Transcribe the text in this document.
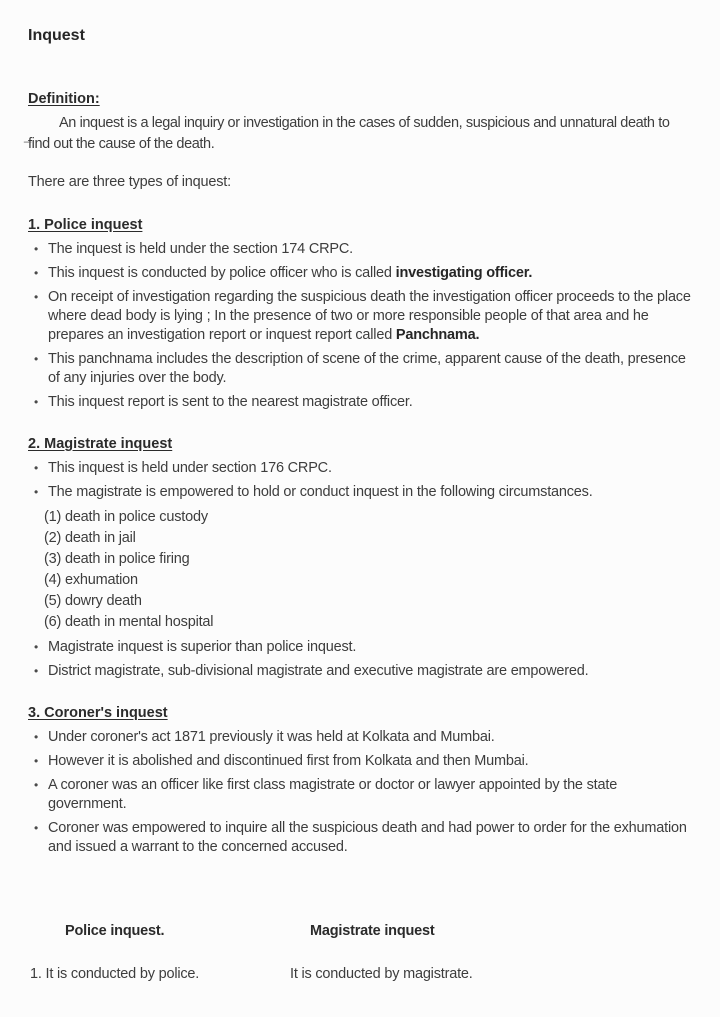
Inquest
Definition:

_
An inquest is a legal inquiry or investigation in the cases of sudden, suspicious and unnatural death to find out the cause of the death.

There are three types of inquest:

1. Police inquest
• The inquest is held under the section 174 CRPC.
• This inquest is conducted by police officer who is called investigating officer.
• On receipt of investigation regarding the suspicious death the investigation officer proceeds to the place where dead body is lying ; In the presence of two or more responsible people of that area and he prepares an investigation report or inquest report called Panchnama.
• This panchnama includes the description of scene of the crime, apparent cause of the death, presence of any injuries over the body.
• This inquest report is sent to the nearest magistrate officer.
2. Magistrate inquest
• This inquest is held under section 176 CRPC.
• The magistrate is empowered to hold or conduct inquest in the following circumstances.
(1) death in police custody
(2) death in jail
(3) death in police firing
(4) exhumation
(5) dowry death
(6) death in mental hospital
• Magistrate inquest is superior than police inquest.
• District magistrate, sub-divisional magistrate and executive magistrate are empowered.
3. Coroner's inquest
• Under coroner's act 1871 previously it was held at Kolkata and Mumbai.
• However it is abolished and discontinued first from Kolkata and then Mumbai.
• A coroner was an officer like first class magistrate or doctor or lawyer appointed by the state government.
• Coroner was empowered to inquire all the suspicious death and had power to order for the exhumation and issued a warrant to the concerned accused.
Police inquest.	Magistrate inquest
1. It is conducted by police.	It is conducted by magistrate.
